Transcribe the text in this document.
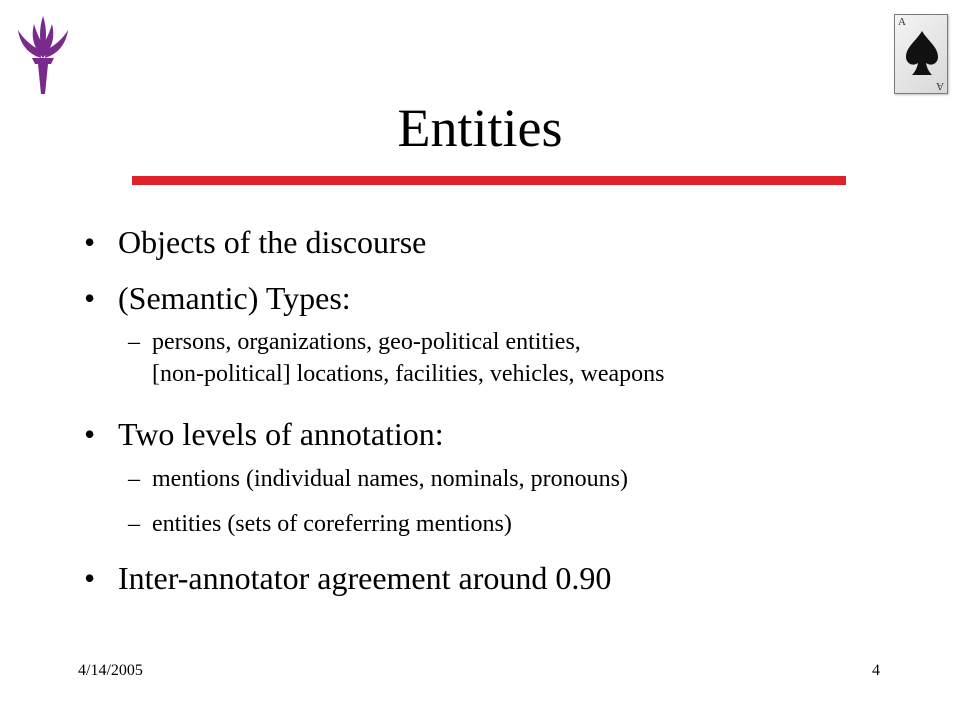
A
A
Entities
• Objects of the discourse
• (Semantic) Types:
– persons, organizations, geo-political entities,
[non-political] locations, facilities, vehicles, weapons
• Two levels of annotation:
– mentions (individual names, nominals, pronouns)
– entities (sets of coreferring mentions)
• Inter-annotator agreement around 0.90
4/14/2005	4
